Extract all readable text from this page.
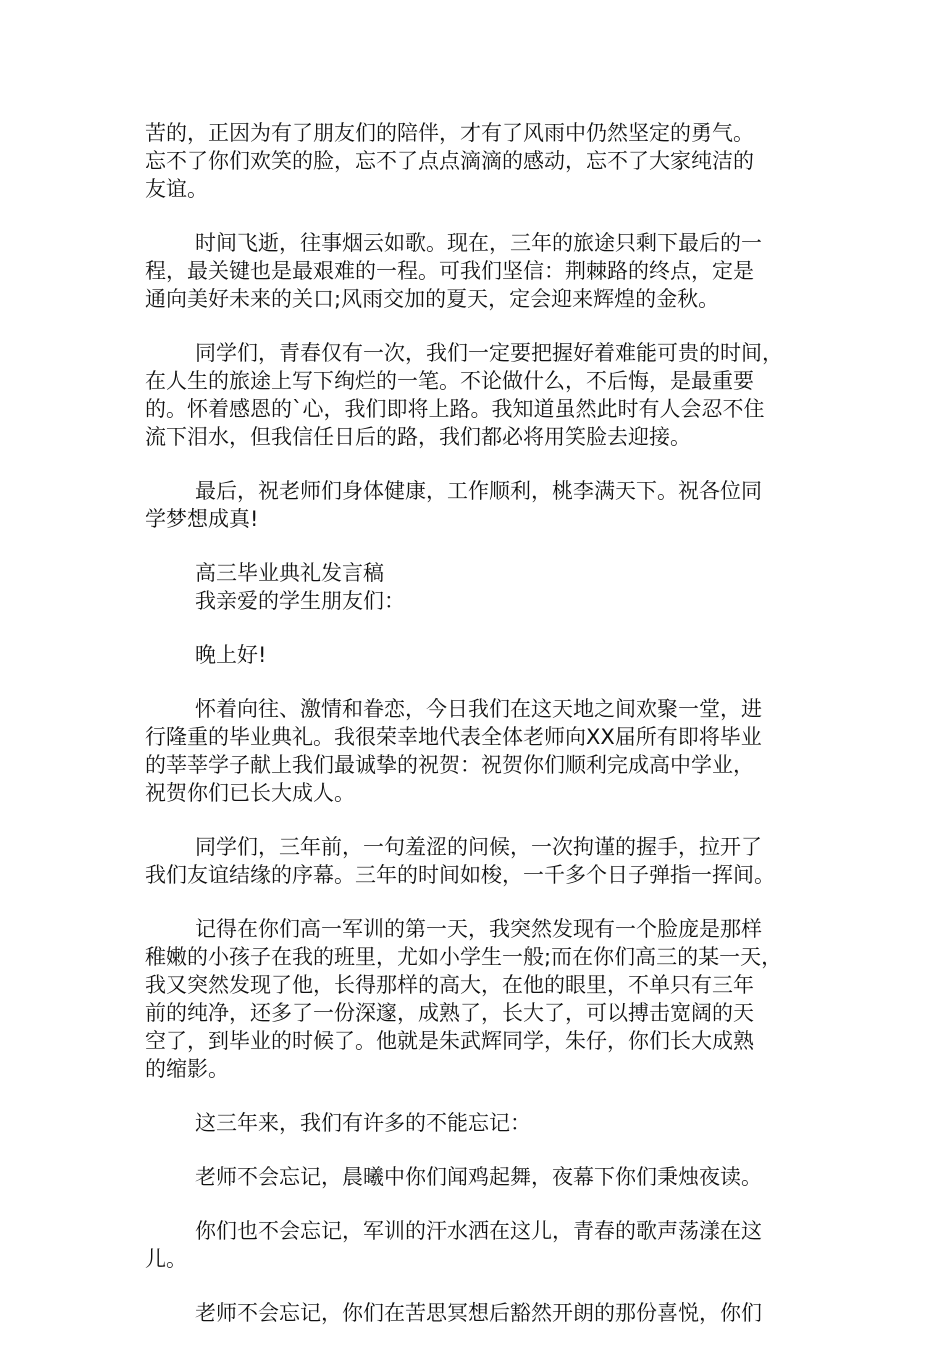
苦的，正因为有了朋友们的陪伴，才有了风雨中仍然坚定的勇气。
忘不了你们欢笑的脸，忘不了点点滴滴的感动，忘不了大家纯洁的
友谊。
时间飞逝，往事烟云如歌。现在，三年的旅途只剩下最后的一
程，最关键也是最艰难的一程。可我们坚信：荆棘路的终点，定是
通向美好未来的关口;风雨交加的夏天，定会迎来辉煌的金秋。
同学们，青春仅有一次，我们一定要把握好着难能可贵的时间，
在人生的旅途上写下绚烂的一笔。不论做什么，不后悔，是最重要
的。怀着感恩的`心，我们即将上路。我知道虽然此时有人会忍不住
流下泪水，但我信任日后的路，我们都必将用笑脸去迎接。
最后，祝老师们身体健康，工作顺利，桃李满天下。祝各位同
学梦想成真!
高三毕业典礼发言稿
我亲爱的学生朋友们：
晚上好!
怀着向往、激情和眷恋，今日我们在这天地之间欢聚一堂，进
行隆重的毕业典礼。我很荣幸地代表全体老师向XX届所有即将毕业
的莘莘学子献上我们最诚挚的祝贺：祝贺你们顺利完成高中学业，
祝贺你们已长大成人。
同学们，三年前，一句羞涩的问候，一次拘谨的握手，拉开了
我们友谊结缘的序幕。三年的时间如梭，一千多个日子弹指一挥间。
记得在你们高一军训的第一天，我突然发现有一个脸庞是那样
稚嫩的小孩子在我的班里，尤如小学生一般;而在你们高三的某一天，
我又突然发现了他，长得那样的高大，在他的眼里，不单只有三年
前的纯净，还多了一份深邃，成熟了，长大了，可以搏击宽阔的天
空了，到毕业的时候了。他就是朱武辉同学，朱仔，你们长大成熟
的缩影。
这三年来，我们有许多的不能忘记：
老师不会忘记，晨曦中你们闻鸡起舞，夜幕下你们秉烛夜读。
你们也不会忘记，军训的汗水洒在这儿，青春的歌声荡漾在这
儿。
老师不会忘记，你们在苦思冥想后豁然开朗的那份喜悦，你们
